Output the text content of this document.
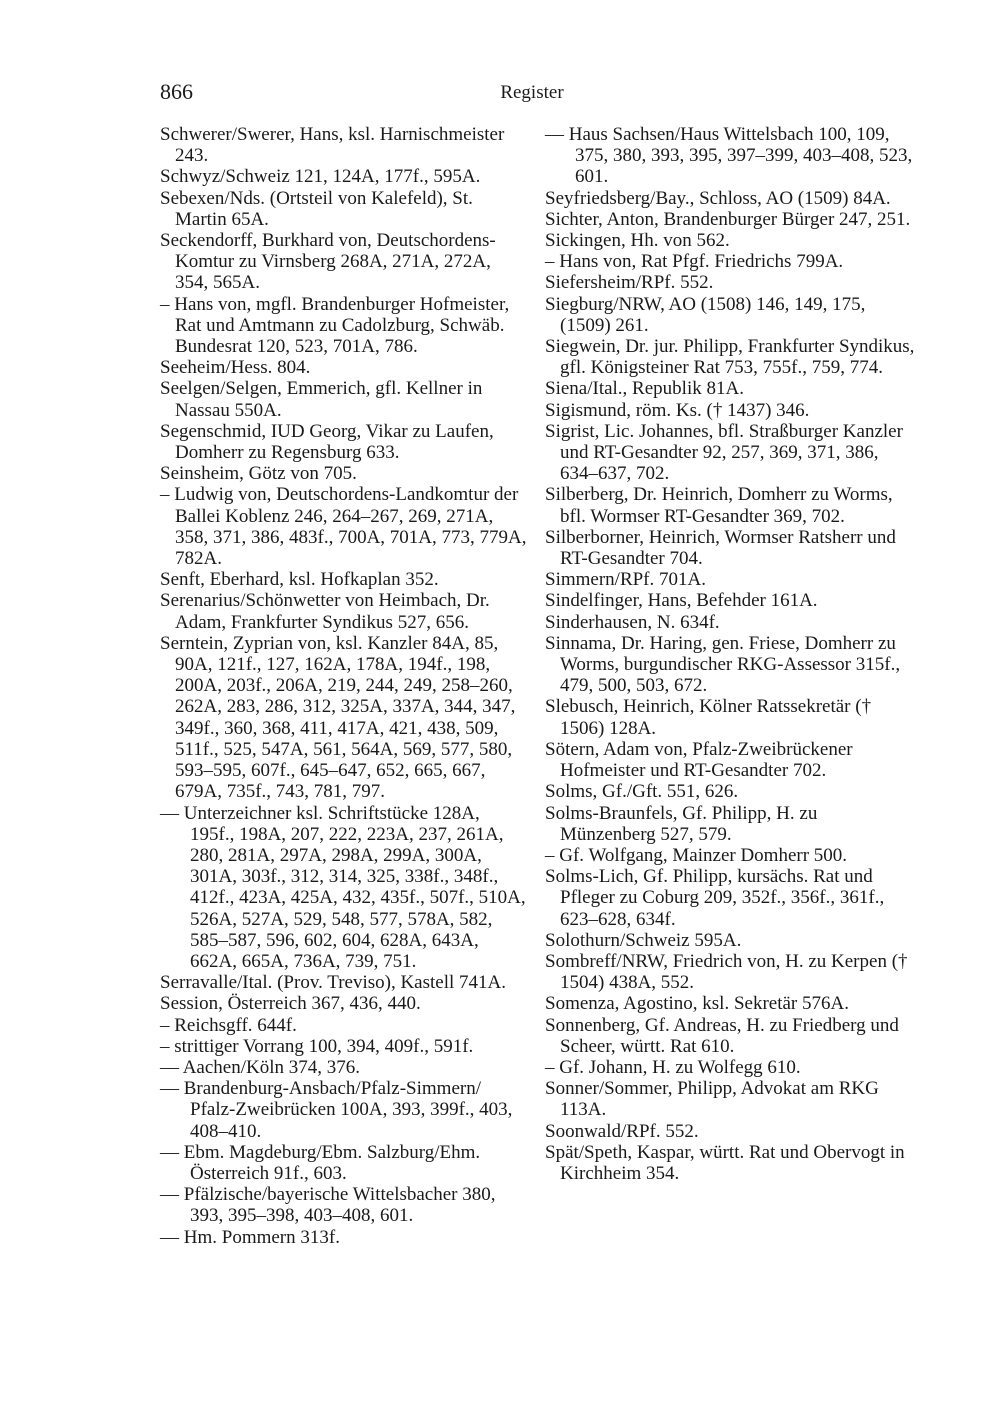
866	Register

Schwerer/Swerer, Hans, ksl. Harnischmeister 243.

Schwyz/Schweiz 121, 124A, 177f., 595A.

Sebexen/Nds. (Ortsteil von Kalefeld), St. Martin 65A.

Seckendorff, Burkhard von, Deutschordens-Komtur zu Virnsberg 268A, 271A, 272A, 354, 565A.

– Hans von, mgfl. Brandenburger Hofmeister, Rat und Amtmann zu Cadolzburg, Schwäb. Bundesrat 120, 523, 701A, 786.

Seeheim/Hess. 804.

Seelgen/Selgen, Emmerich, gfl. Kellner in Nassau 550A.

Segenschmid, IUD Georg, Vikar zu Laufen, Domherr zu Regensburg 633.

Seinsheim, Götz von 705.

– Ludwig von, Deutschordens-Landkomtur der Ballei Koblenz 246, 264–267, 269, 271A, 358, 371, 386, 483f., 700A, 701A, 773, 779A, 782A.

Senft, Eberhard, ksl. Hofkaplan 352.

Serenarius/Schönwetter von Heimbach, Dr. Adam, Frankfurter Syndikus 527, 656.

Serntein, Zyprian von, ksl. Kanzler 84A, 85, 90A, 121f., 127, 162A, 178A, 194f., 198, 200A, 203f., 206A, 219, 244, 249, 258–260, 262A, 283, 286, 312, 325A, 337A, 344, 347, 349f., 360, 368, 411, 417A, 421, 438, 509, 511f., 525, 547A, 561, 564A, 569, 577, 580, 593–595, 607f., 645–647, 652, 665, 667, 679A, 735f., 743, 781, 797.

–– Unterzeichner ksl. Schriftstücke 128A, 195f., 198A, 207, 222, 223A, 237, 261A, 280, 281A, 297A, 298A, 299A, 300A, 301A, 303f., 312, 314, 325, 338f., 348f., 412f., 423A, 425A, 432, 435f., 507f., 510A, 526A, 527A, 529, 548, 577, 578A, 582, 585–587, 596, 602, 604, 628A, 643A, 662A, 665A, 736A, 739, 751.

Serravalle/Ital. (Prov. Treviso), Kastell 741A.

Session, Österreich 367, 436, 440.

– Reichsgff. 644f.

– strittiger Vorrang 100, 394, 409f., 591f.

–– Aachen/Köln 374, 376.

–– Brandenburg-Ansbach/Pfalz-Simmern/ Pfalz-Zweibrücken 100A, 393, 399f., 403, 408–410.

–– Ebm. Magdeburg/Ebm. Salzburg/Ehm. Österreich 91f., 603.

–– Pfälzische/bayerische Wittelsbacher 380, 393, 395–398, 403–408, 601.

–– Hm. Pommern 313f.

–– Haus Sachsen/Haus Wittelsbach 100, 109, 375, 380, 393, 395, 397–399, 403–408, 523, 601.

Seyfriedsberg/Bay., Schloss, AO (1509) 84A.

Sichter, Anton, Brandenburger Bürger 247, 251.

Sickingen, Hh. von 562.

– Hans von, Rat Pfgf. Friedrichs 799A.

Siefersheim/RPf. 552.

Siegburg/NRW, AO (1508) 146, 149, 175, (1509) 261.

Siegwein, Dr. jur. Philipp, Frankfurter Syndikus, gfl. Königsteiner Rat 753, 755f., 759, 774.

Siena/Ital., Republik 81A.

Sigismund, röm. Ks. († 1437) 346.

Sigrist, Lic. Johannes, bfl. Straßburger Kanzler und RT-Gesandter 92, 257, 369, 371, 386, 634–637, 702.

Silberberg, Dr. Heinrich, Domherr zu Worms, bfl. Wormser RT-Gesandter 369, 702.

Silberborner, Heinrich, Wormser Ratsherr und RT-Gesandter 704.

Simmern/RPf. 701A.

Sindelfinger, Hans, Befehder 161A.

Sinderhausen, N. 634f.

Sinnama, Dr. Haring, gen. Friese, Domherr zu Worms, burgundischer RKG-Assessor 315f., 479, 500, 503, 672.

Slebusch, Heinrich, Kölner Ratssekretär († 1506) 128A.

Sötern, Adam von, Pfalz-Zweibrückener Hofmeister und RT-Gesandter 702.

Solms, Gf./Gft. 551, 626.

Solms-Braunfels, Gf. Philipp, H. zu Münzenberg 527, 579.

– Gf. Wolfgang, Mainzer Domherr 500.

Solms-Lich, Gf. Philipp, kursächs. Rat und Pfleger zu Coburg 209, 352f., 356f., 361f., 623–628, 634f.

Solothurn/Schweiz 595A.

Sombreff/NRW, Friedrich von, H. zu Kerpen († 1504) 438A, 552.

Somenza, Agostino, ksl. Sekretär 576A.

Sonnenberg, Gf. Andreas, H. zu Friedberg und Scheer, württ. Rat 610.

– Gf. Johann, H. zu Wolfegg 610.

Sonner/Sommer, Philipp, Advokat am RKG 113A.

Soonwald/RPf. 552.

Spät/Speth, Kaspar, württ. Rat und Obervogt in Kirchheim 354.
